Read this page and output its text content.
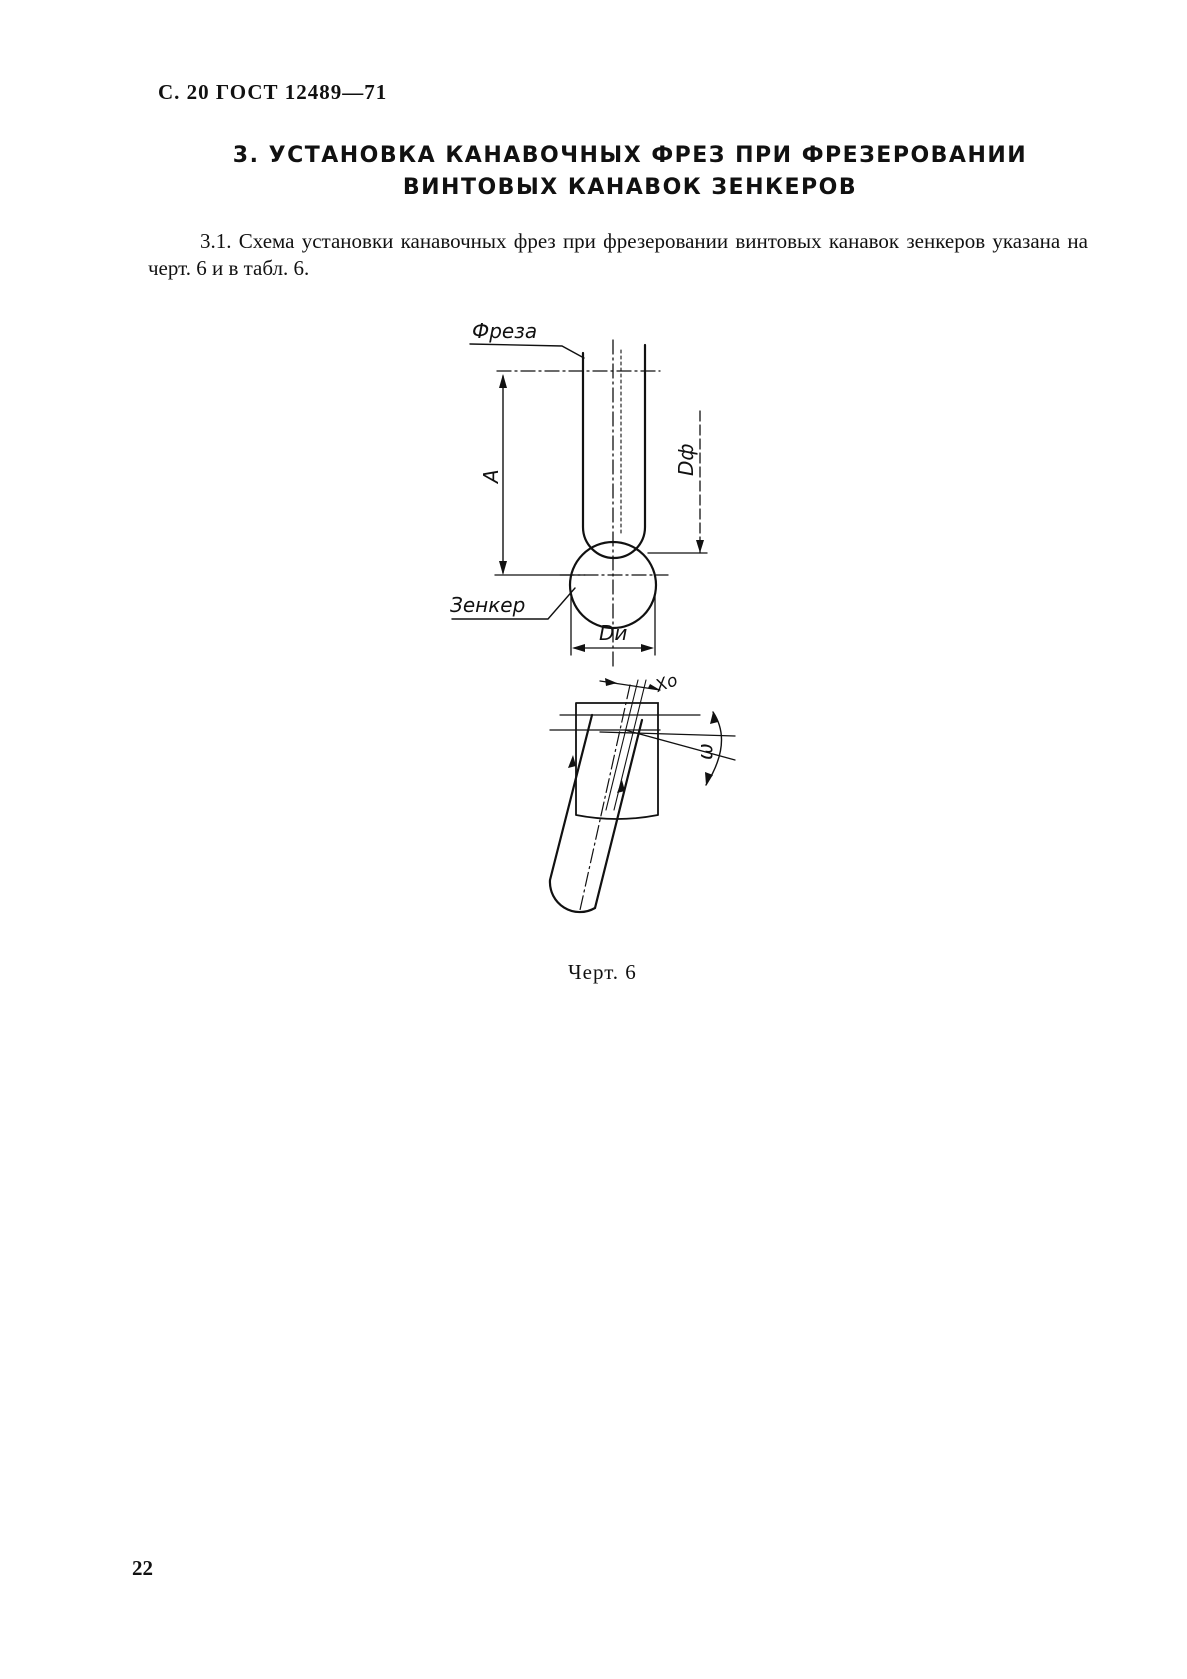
С. 20 ГОСТ 12489—71
3. УСТАНОВКА КАНАВОЧНЫХ ФРЕЗ ПРИ ФРЕЗЕРОВАНИИ
ВИНТОВЫХ КАНАВОК ЗЕНКЕРОВ
3.1. Схема установки канавочных фрез при фрезеровании винтовых канавок зенкеров указана на черт. 6 и в табл. 6.
Фреза
Зенкер
A
Dф
Dи
Xо
ω
Черт. 6
22
